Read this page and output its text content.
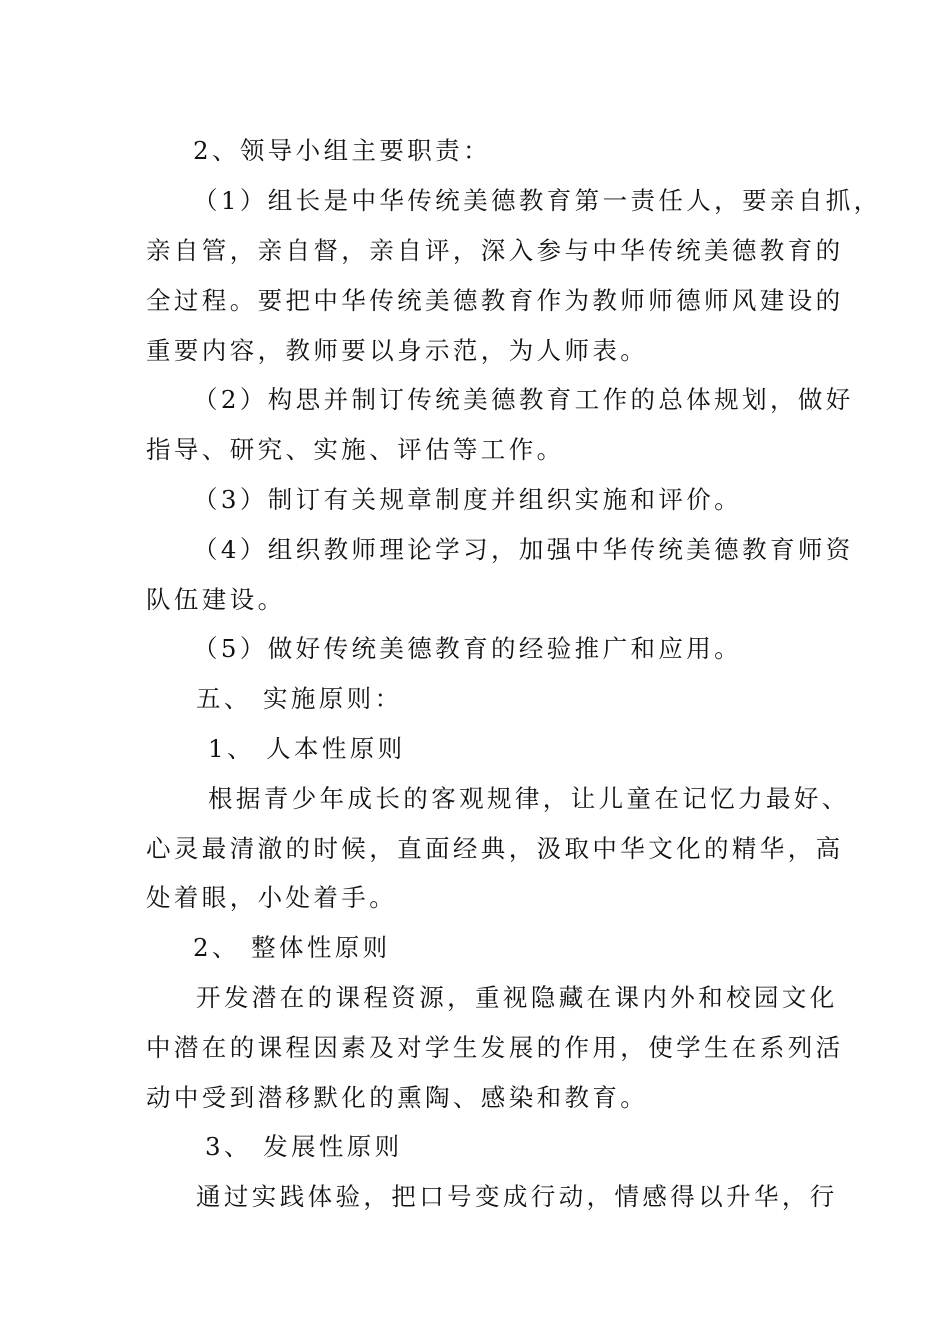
2、领导小组主要职责：
（1）组长是中华传统美德教育第一责任人，要亲自抓，
亲自管，亲自督，亲自评，深入参与中华传统美德教育的
全过程。要把中华传统美德教育作为教师师德师风建设的
重要内容，教师要以身示范，为人师表。
（2）构思并制订传统美德教育工作的总体规划，做好
指导、研究、实施、评估等工作。
（3）制订有关规章制度并组织实施和评价。
（4）组织教师理论学习，加强中华传统美德教育师资
队伍建设。
（5）做好传统美德教育的经验推广和应用。
五、 实施原则：
1、 人本性原则
根据青少年成长的客观规律，让儿童在记忆力最好、
心灵最清澈的时候，直面经典，汲取中华文化的精华，高
处着眼，小处着手。
2、 整体性原则
开发潜在的课程资源，重视隐藏在课内外和校园文化
中潜在的课程因素及对学生发展的作用，使学生在系列活
动中受到潜移默化的熏陶、感染和教育。
3、 发展性原则
通过实践体验，把口号变成行动，情感得以升华，行
